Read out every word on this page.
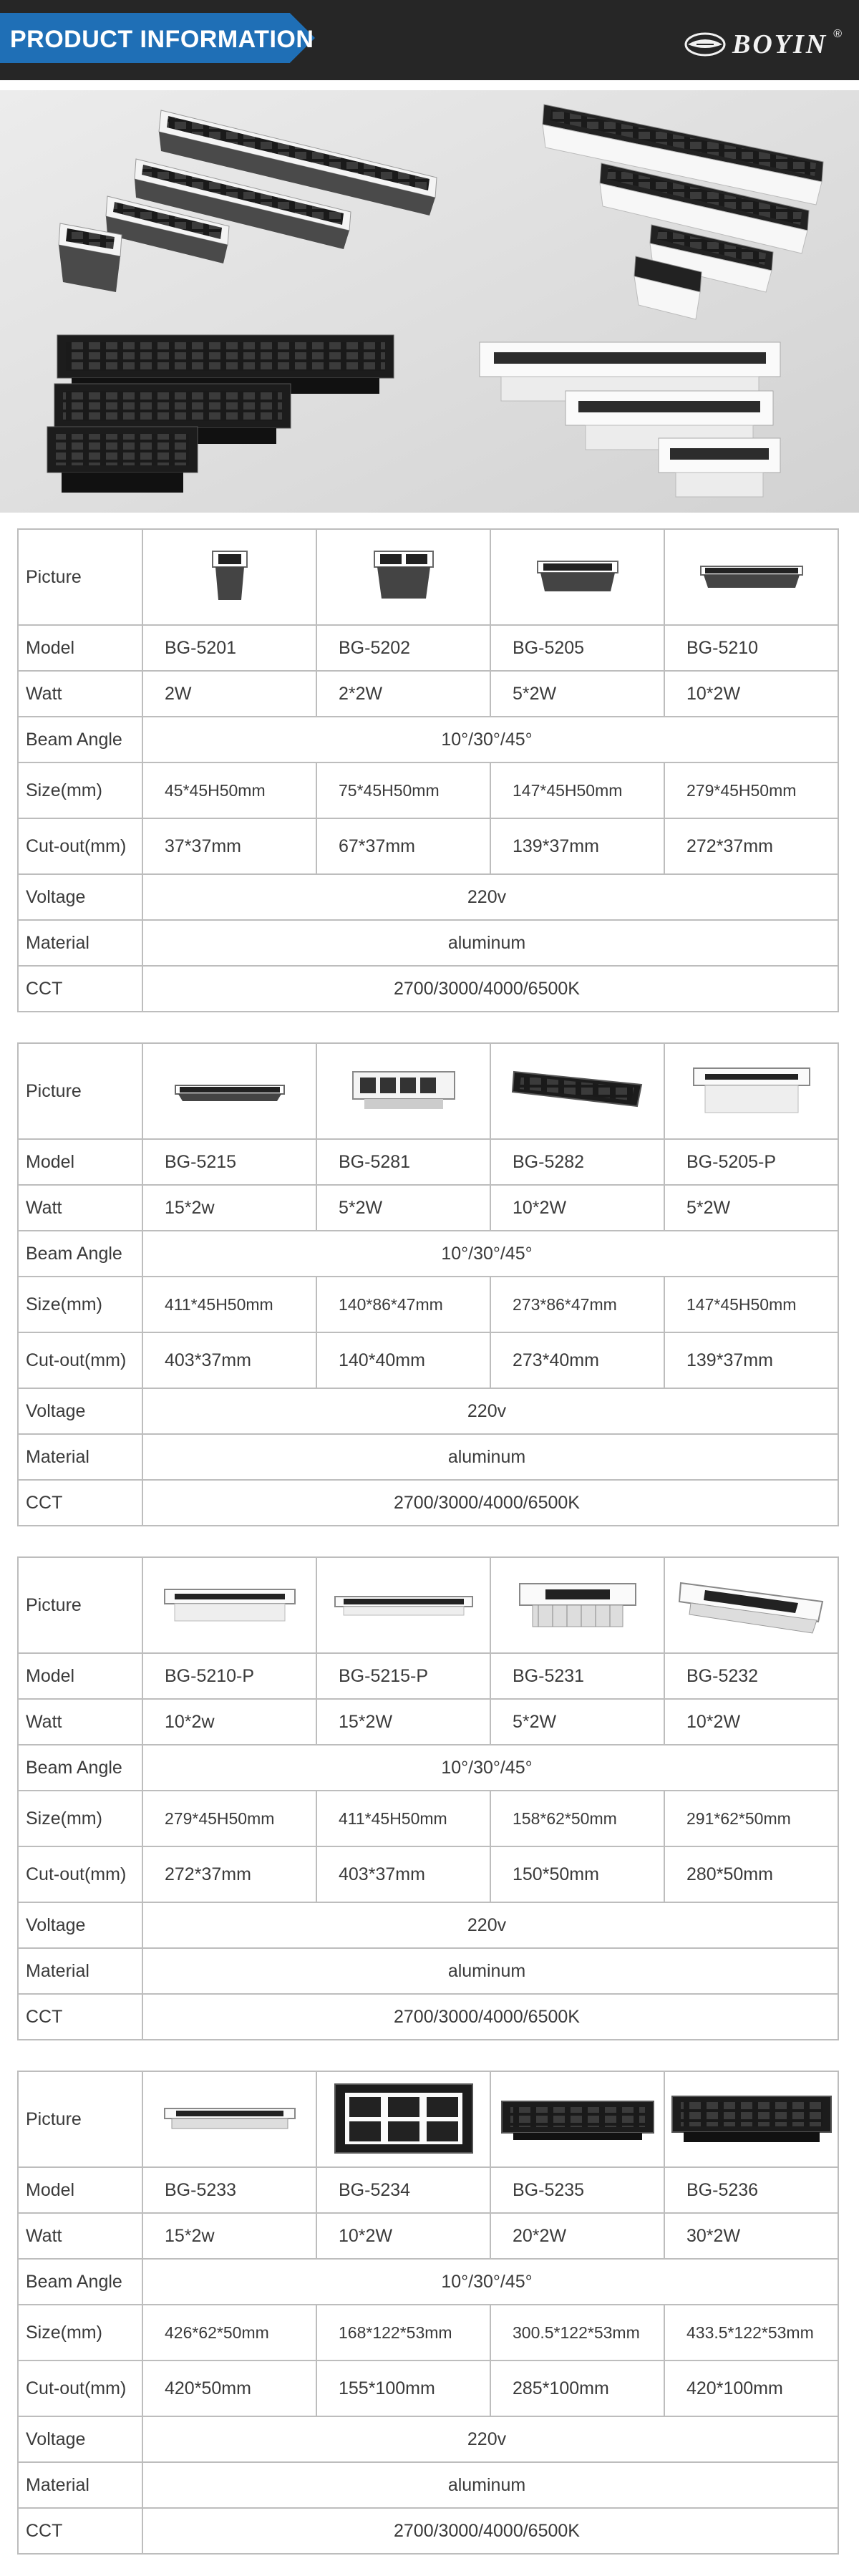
PRODUCT INFORMATION	BOYIN ®
Picture	

Model	BG-5201	BG-5202	BG-5205	BG-5210
Watt	2W	2*2W	5*2W	10*2W
Beam Angle	10°/30°/45°			
Size(mm)	45*45H50mm	75*45H50mm	147*45H50mm	279*45H50mm
Cut-out(mm)	37*37mm	67*37mm	139*37mm	272*37mm
Voltage	220v			
Material	aluminum			
CCT	2700/3000/4000/6500K			
Picture	

Model	BG-5215	BG-5281	BG-5282	BG-5205-P
Watt	15*2w	5*2W	10*2W	5*2W
Beam Angle	10°/30°/45°			
Size(mm)	411*45H50mm	140*86*47mm	273*86*47mm	147*45H50mm
Cut-out(mm)	403*37mm	140*40mm	273*40mm	139*37mm
Voltage	220v			
Material	aluminum			
CCT	2700/3000/4000/6500K			
Picture	

Model	BG-5210-P	BG-5215-P	BG-5231	BG-5232
Watt	10*2w	15*2W	5*2W	10*2W
Beam Angle	10°/30°/45°			
Size(mm)	279*45H50mm	411*45H50mm	158*62*50mm	291*62*50mm
Cut-out(mm)	272*37mm	403*37mm	150*50mm	280*50mm
Voltage	220v			
Material	aluminum			
CCT	2700/3000/4000/6500K			
Picture	

Model	BG-5233	BG-5234	BG-5235	BG-5236
Watt	15*2w	10*2W	20*2W	30*2W
Beam Angle	10°/30°/45°			
Size(mm)	426*62*50mm	168*122*53mm	300.5*122*53mm	433.5*122*53mm
Cut-out(mm)	420*50mm	155*100mm	285*100mm	420*100mm
Voltage	220v			
Material	aluminum			
CCT	2700/3000/4000/6500K			
